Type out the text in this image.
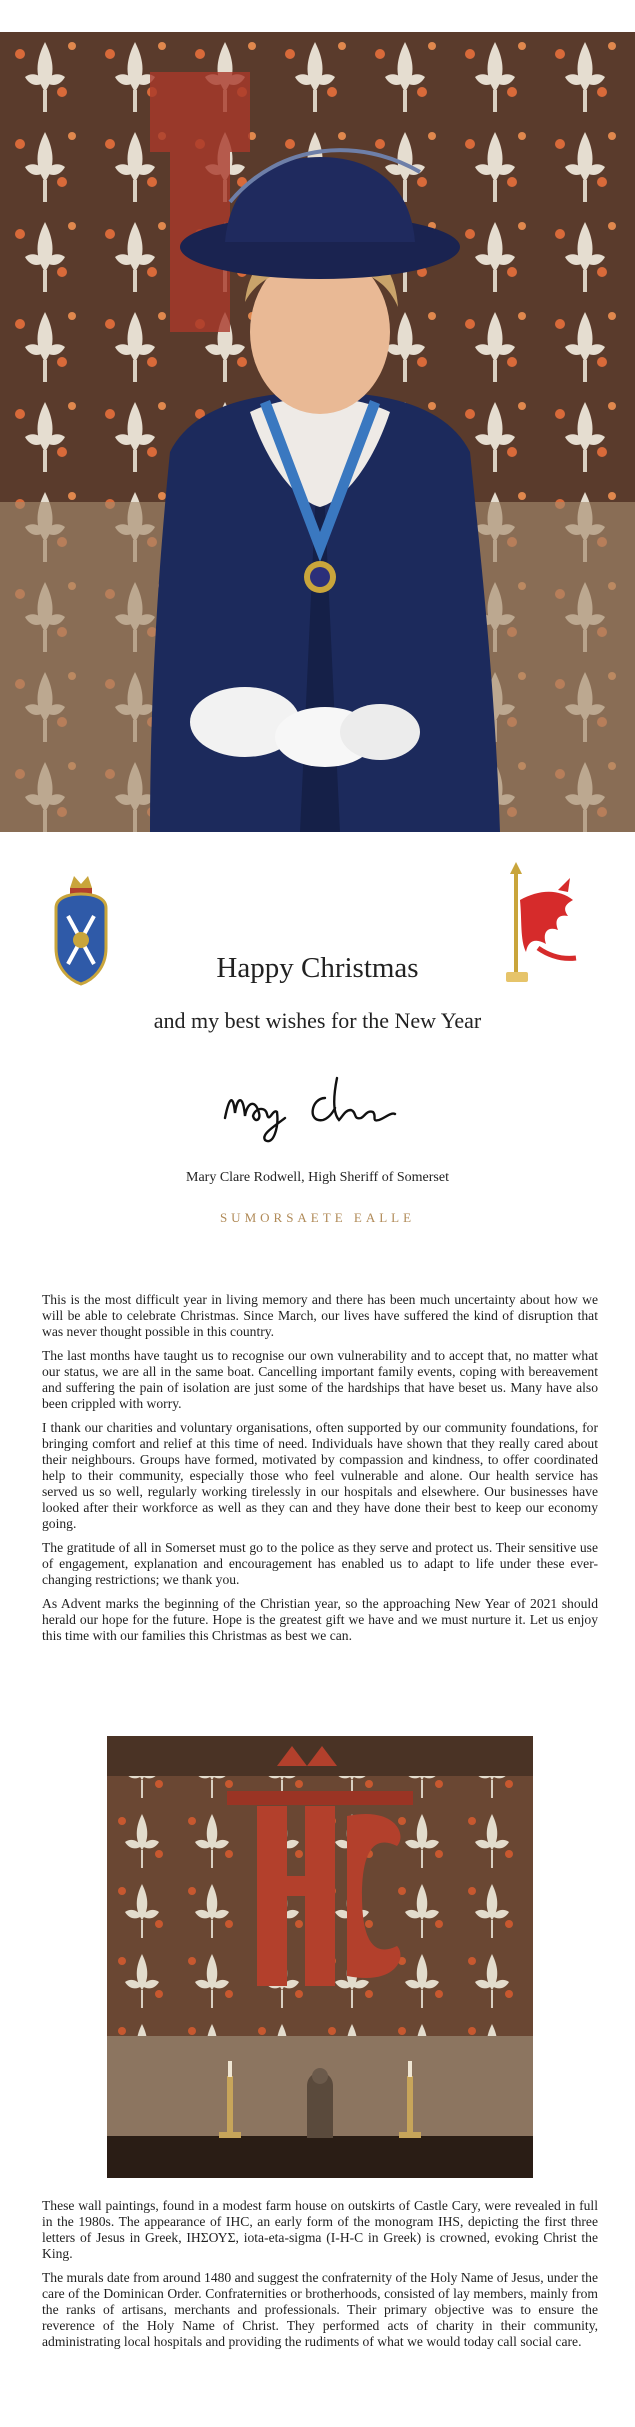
Happy Christmas
and my best wishes for the New Year
Mary Clare Rodwell, High Sheriff of Somerset
SUMORSAETE EALLE

This is the most difficult year in living memory and there has been much uncertainty about how we will be able to celebrate Christmas. Since March, our lives have suffered the kind of disruption that was never thought possible in this country.

The last months have taught us to recognise our own vulnerability and to accept that, no matter what our status, we are all in the same boat. Cancelling important family events, coping with bereavement and suffering the pain of isolation are just some of the hardships that have beset us. Many have also been crippled with worry.

I thank our charities and voluntary organisations, often supported by our community foundations, for bringing comfort and relief at this time of need. Individuals have shown that they really cared about their neighbours. Groups have formed, motivated by compassion and kindness, to offer coordinated help to their community, especially those who feel vulnerable and alone. Our health service has served us so well, regularly working tirelessly in our hospitals and elsewhere. Our businesses have looked after their workforce as well as they can and they have done their best to keep our economy going.

The gratitude of all in Somerset must go to the police as they serve and protect us. Their sensitive use of engagement, explanation and encouragement has enabled us to adapt to life under these ever-changing restrictions; we thank you.

As Advent marks the beginning of the Christian year, so the approaching New Year of 2021 should herald our hope for the future. Hope is the greatest gift we have and we must nurture it. Let us enjoy this time with our families this Christmas as best we can.

These wall paintings, found in a modest farm house on outskirts of Castle Cary, were revealed in full in the 1980s. The appearance of IHC, an early form of the monogram IHS, depicting the first three letters of Jesus in Greek, ΙΗΣΟΥΣ, iota-eta-sigma (I-H-C in Greek) is crowned, evoking Christ the King.

The murals date from around 1480 and suggest the confraternity of the Holy Name of Jesus, under the care of the Dominican Order. Confraternities or brotherhoods, consisted of lay members, mainly from the ranks of artisans, merchants and professionals. Their primary objective was to ensure the reverence of the Holy Name of Christ. They performed acts of charity in their community, administrating local hospitals and providing the rudiments of what we would today call social care.
